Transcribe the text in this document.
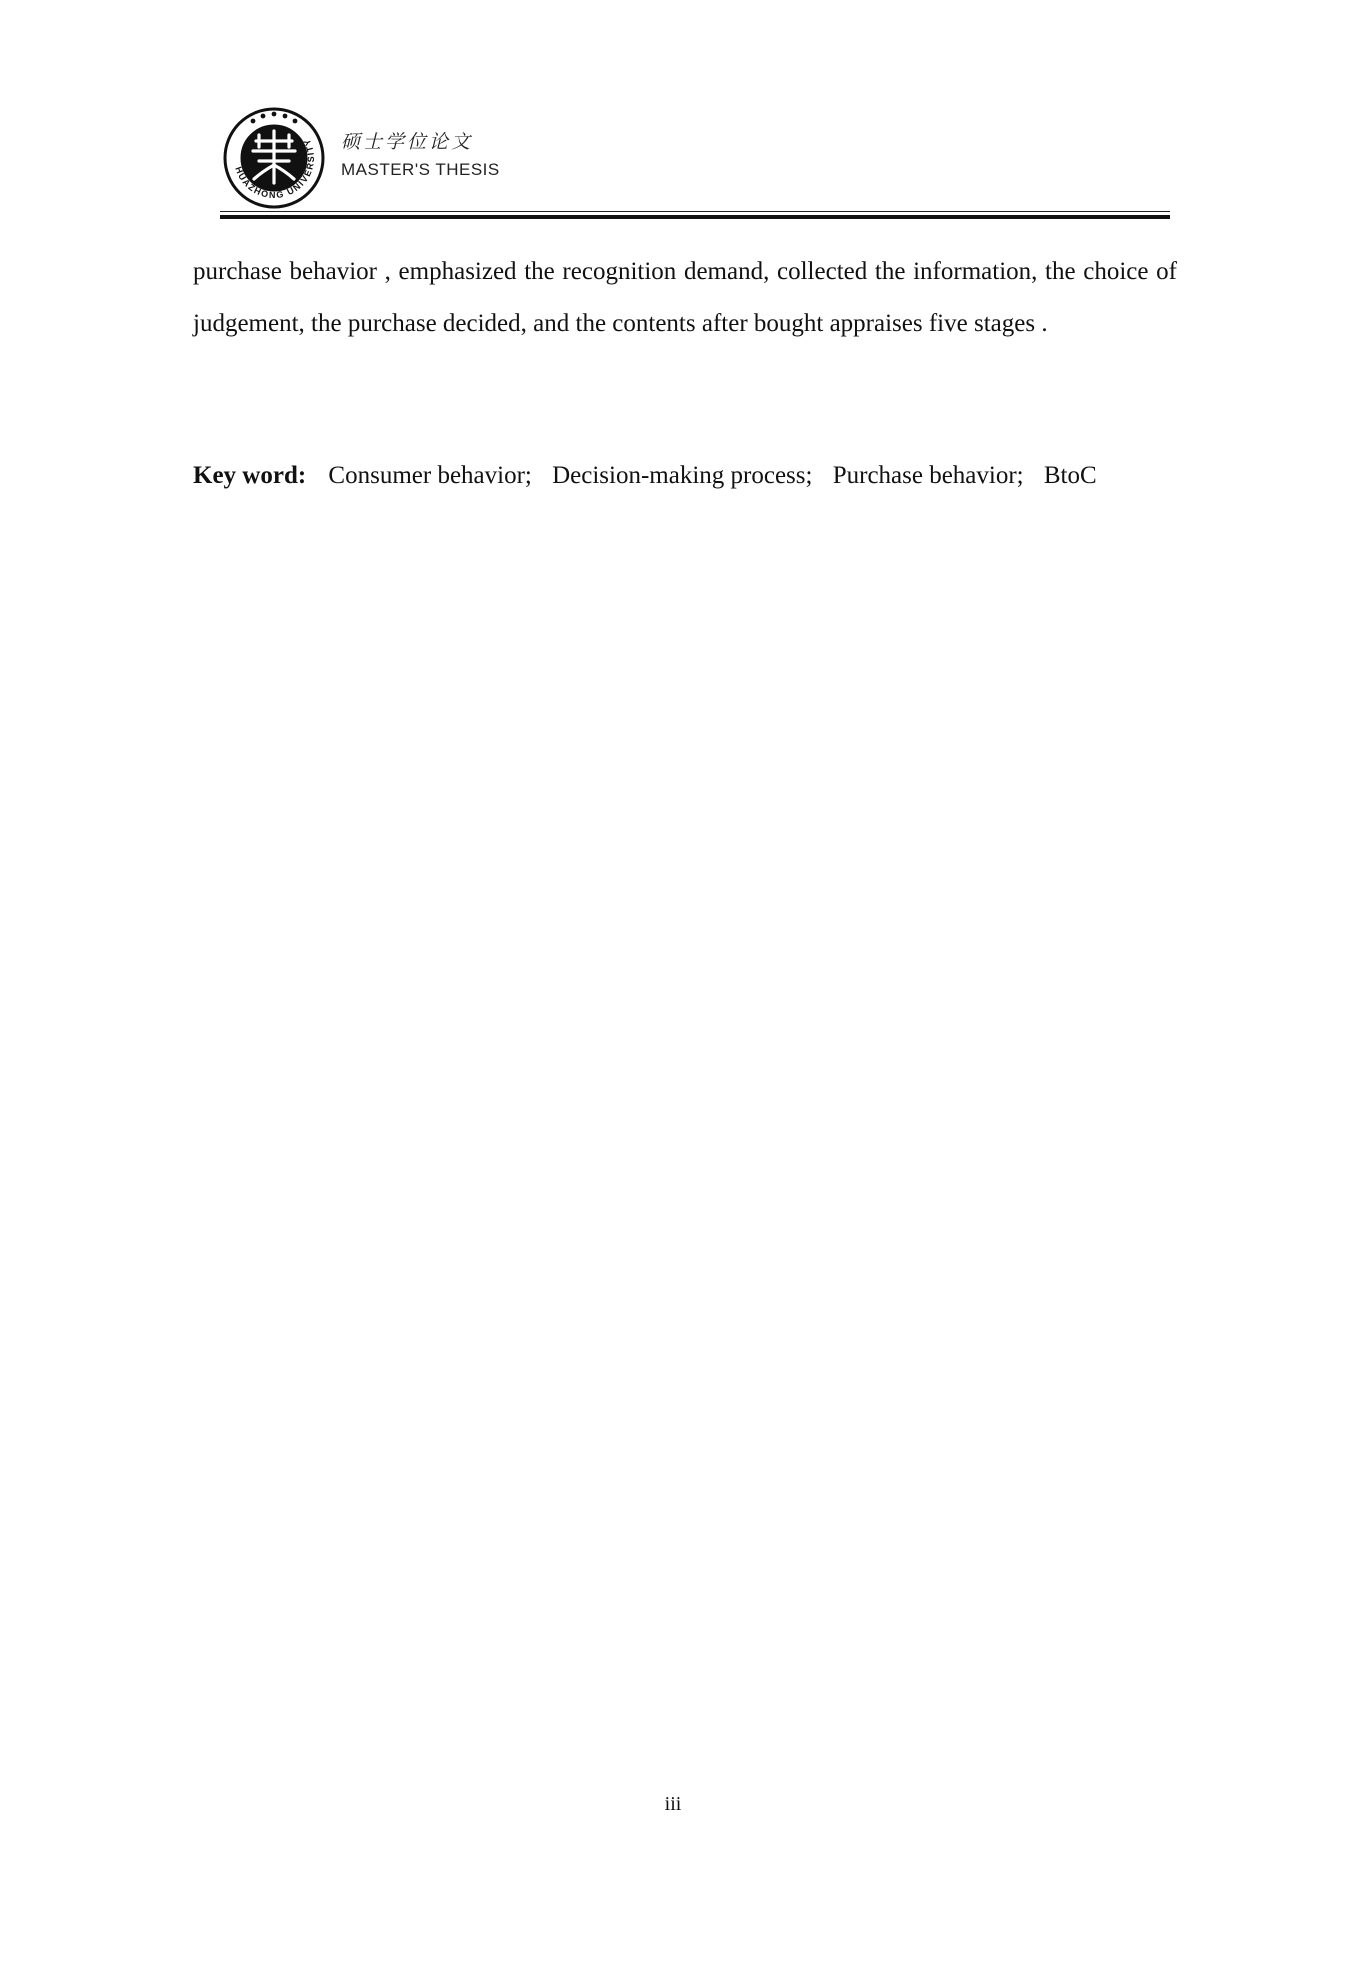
HUAZHONG UNIVERSITY 硕士学位论文
MASTER'S THESIS

purchase behavior , emphasized the recognition demand, collected the information, the choice of judgement, the purchase decided, and the contents after bought appraises five stages .

Key word: Consumer behavior; Decision-making process; Purchase behavior; BtoC
iii
